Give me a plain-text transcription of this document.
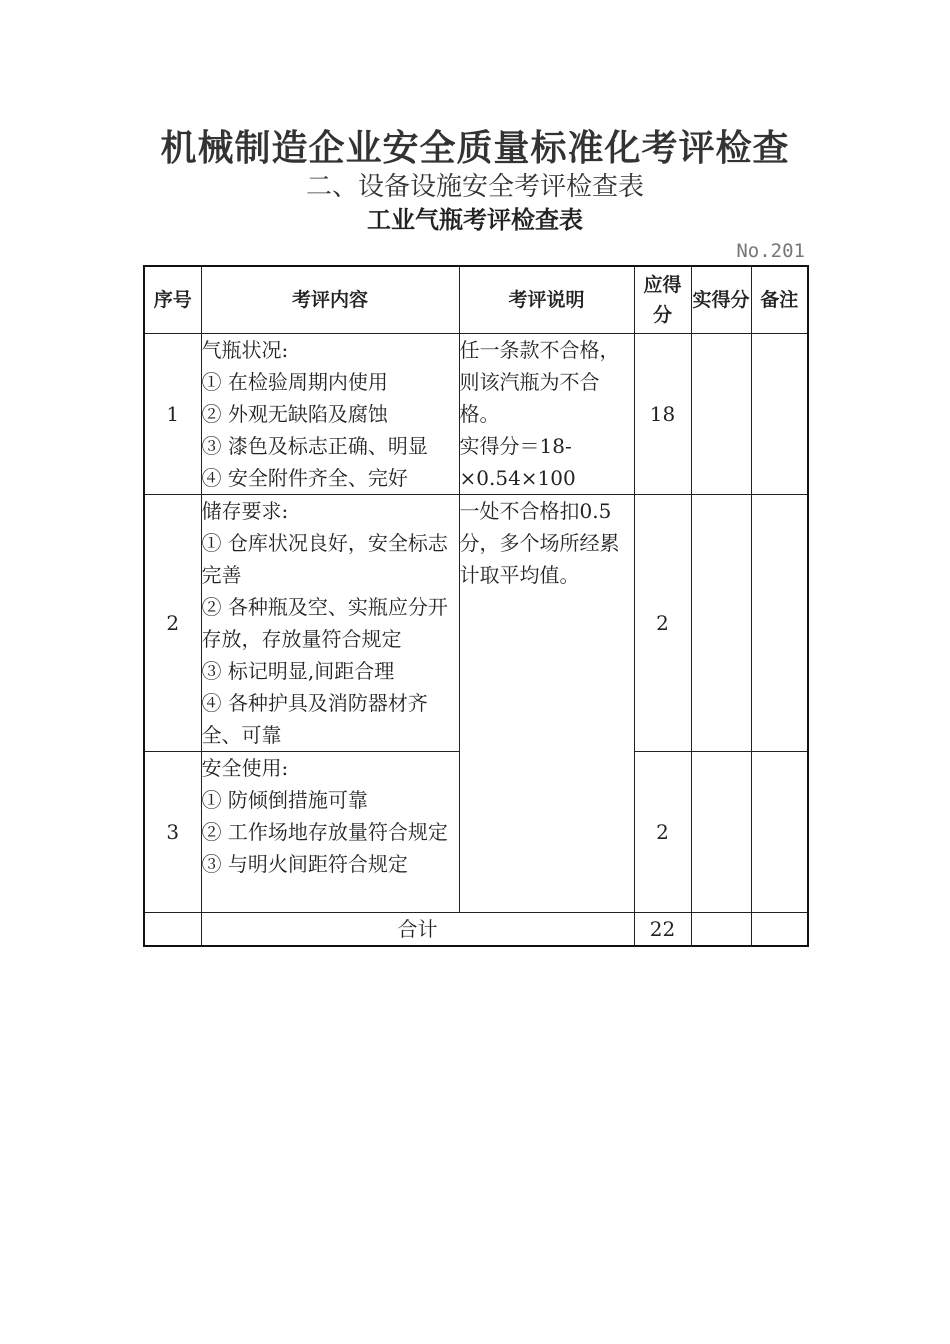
机械制造企业安全质量标准化考评检查
二、设备设施安全考评检查表
工业气瓶考评检查表
No.201
序号	考评内容	考评说明	应得分	实得分	备注
1	气瓶状况:
① 在检验周期内使用
② 外观无缺陷及腐蚀
③ 漆色及标志正确、明显
④ 安全附件齐全、完好	任一条款不合格，则该汽瓶为不合格。
实得分＝18-
×0.54×100	18		
2	储存要求:
① 仓库状况良好，安全标志完善
② 各种瓶及空、实瓶应分开存放，存放量符合规定
③ 标记明显,间距合理
④ 各种护具及消防器材齐全、可靠	一处不合格扣0.5分，多个场所经累计取平均值。	2		
3	安全使用:
① 防倾倒措施可靠
② 工作场地存放量符合规定
③ 与明火间距符合规定		2		
	合计		22		
